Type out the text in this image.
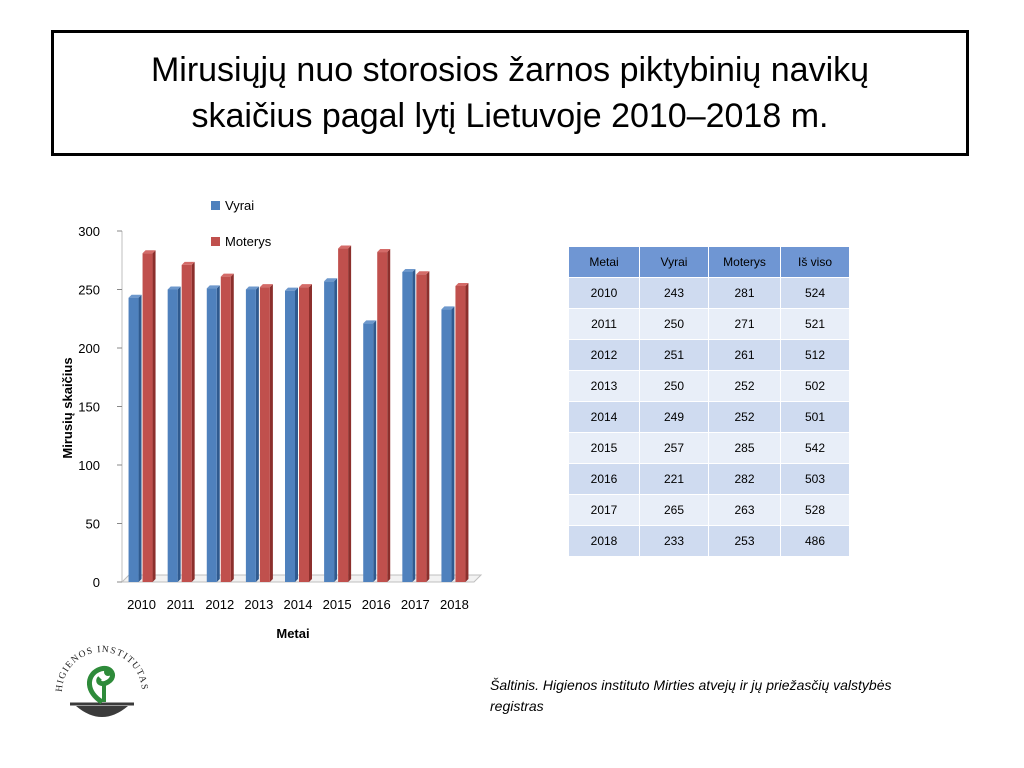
Mirusiųjų nuo storosios žarnos piktybinių navikų
skaičius pagal lytį Lietuvoje 2010–2018 m.
0
50
100
150
200
250
300
2010 2011 2012 2013 2014 2015 2016 2017 2018
Vyrai
Moterys
Metai
Mirusių skaičius
Metai	Vyrai	Moterys	Iš viso
2010	243	281	524
2011	250	271	521
2012	251	261	512
2013	250	252	502
2014	249	252	501
2015	257	285	542
2016	221	282	503
2017	265	263	528
2018	233	253	486
HIGIENOS INSTITUTAS	Šaltinis. Higienos instituto Mirties atvejų ir jų priežasčių valstybės registras
